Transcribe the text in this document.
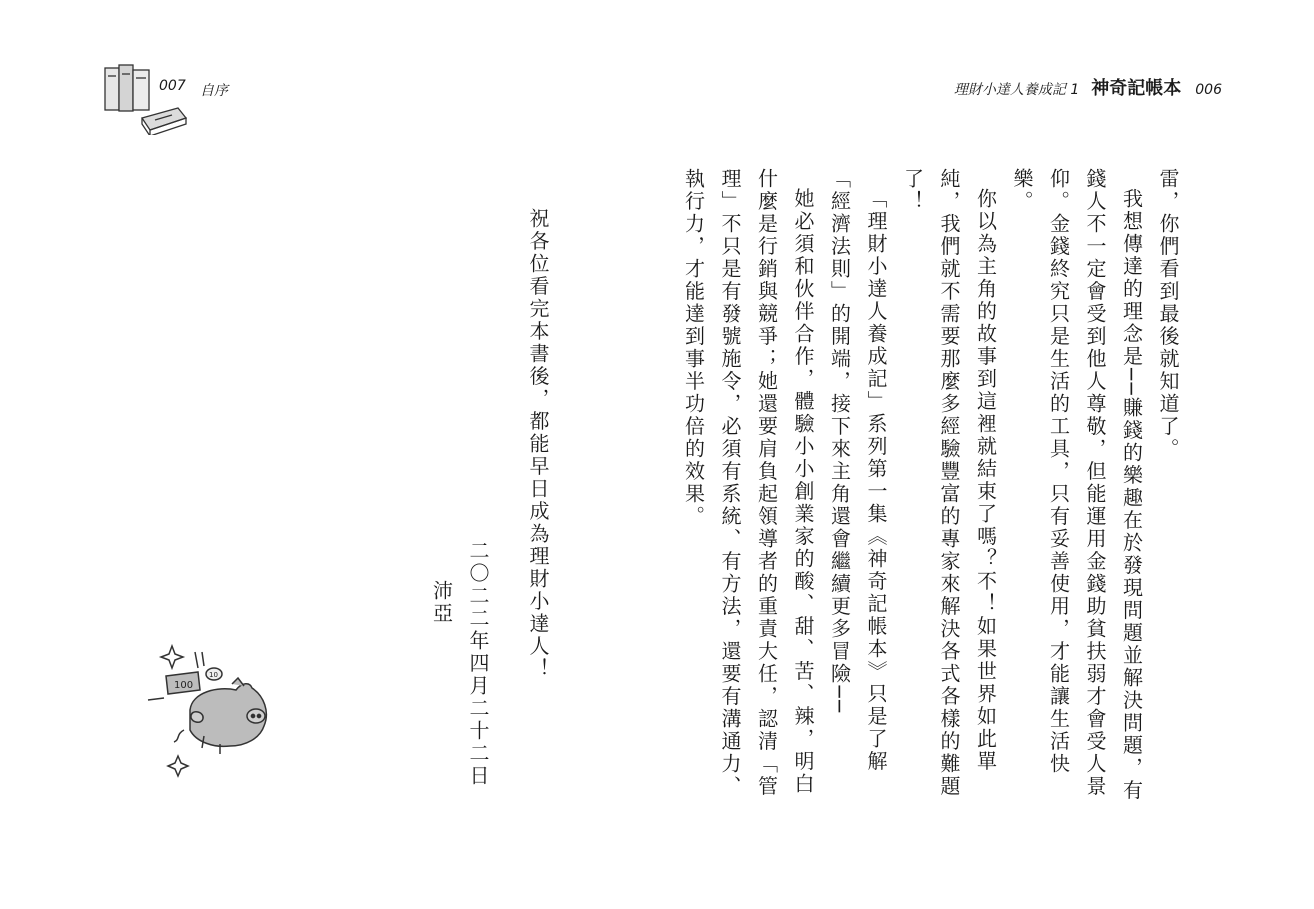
007 自序	理財小達人養成記 1 神奇記帳本 006

雷，你們看到最後就知道了。

我想傳達的理念是──賺錢的樂趣在於發現問題並解決問題，有錢人不一定會受到他人尊敬，但能運用金錢助貧扶弱才會受人景仰。金錢終究只是生活的工具，只有妥善使用，才能讓生活快樂。

你以為主角的故事到這裡就結束了嗎？不！如果世界如此單純，我們就不需要那麼多經驗豐富的專家來解決各式各樣的難題了！

「理財小達人養成記」系列第一集《神奇記帳本》只是了解「經濟法則」的開端，接下來主角還會繼續更多冒險──

她必須和伙伴合作，體驗小小創業家的酸、甜、苦、辣，明白什麼是行銷與競爭；她還要肩負起領導者的重責大任，認清「管理」不只是有發號施令，必須有系統、有方法，還要有溝通力、執行力，才能達到事半功倍的效果。

祝各位看完本書後，都能早日成為理財小達人！
二〇二二年四月二十二日沛亞
100
10
